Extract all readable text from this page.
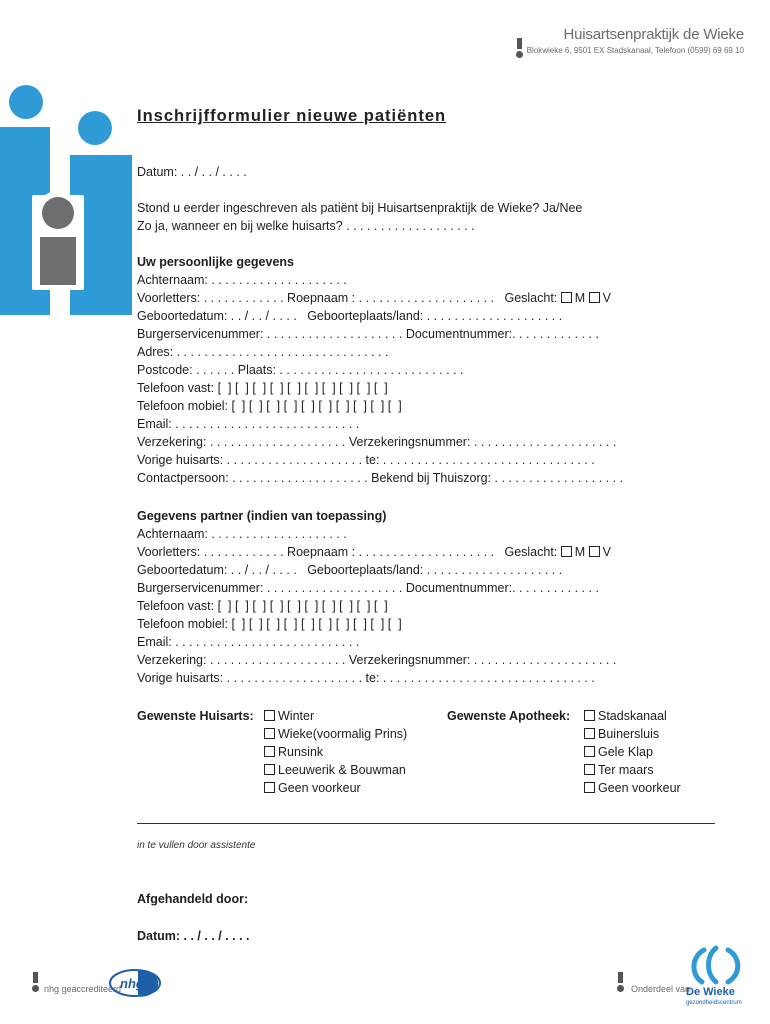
Huisartsenpraktijk de Wieke
Blokwieke 6, 9501 EX Stadskanaal, Telefoon (0599) 69 69 10
Inschrijfformulier nieuwe patiënten
Datum: . . / . . / . . . .
Stond u eerder ingeschreven als patiënt bij Huisartsenpraktijk de Wieke? Ja/Nee
Zo ja, wanneer en bij welke huisarts? . . . . . . . . . . . . . . . . . . .
Uw persoonlijke gegevens
Achternaam: . . . . . . . . . . . . . . . . . . . .
Voorletters: . . . . . . . . . . . . Roepnaam : . . . . . . . . . . . . . . . . . . . .   Geslacht: M V
Geboortedatum: . . / . . / . . . .   Geboorteplaats/land: . . . . . . . . . . . . . . . . . . . .
Burgerservicenummer: . . . . . . . . . . . . . . . . . . . . Documentnummer:. . . . . . . . . . . . .
Adres: . . . . . . . . . . . . . . . . . . . . . . . . . . . . . . .
Postcode: . . . . . . Plaats: . . . . . . . . . . . . . . . . . . . . . . . . . . .
Telefoon vast: [  ] [  ] [  ] [  ] [  ] [  ] [  ] [  ] [  ] [  ]
Telefoon mobiel: [  ] [  ] [  ] [  ] [  ] [  ] [  ] [  ] [  ] [  ]
Email: . . . . . . . . . . . . . . . . . . . . . . . . . . .
Verzekering: . . . . . . . . . . . . . . . . . . . . Verzekeringsnummer: . . . . . . . . . . . . . . . . . . . . .
Vorige huisarts: . . . . . . . . . . . . . . . . . . . . te: . . . . . . . . . . . . . . . . . . . . . . . . . . . . . . .
Contactpersoon: . . . . . . . . . . . . . . . . . . . . Bekend bij Thuiszorg: . . . . . . . . . . . . . . . . . . .
Gegevens partner (indien van toepassing)
Achternaam: . . . . . . . . . . . . . . . . . . . .
Voorletters: . . . . . . . . . . . . Roepnaam : . . . . . . . . . . . . . . . . . . . .   Geslacht: M V
Geboortedatum: . . / . . / . . . .   Geboorteplaats/land: . . . . . . . . . . . . . . . . . . . .
Burgerservicenummer: . . . . . . . . . . . . . . . . . . . . Documentnummer:. . . . . . . . . . . . .
Telefoon vast: [  ] [  ] [  ] [  ] [  ] [  ] [  ] [  ] [  ] [  ]
Telefoon mobiel: [  ] [  ] [  ] [  ] [  ] [  ] [  ] [  ] [  ] [  ]
Email: . . . . . . . . . . . . . . . . . . . . . . . . . . .
Verzekering: . . . . . . . . . . . . . . . . . . . . Verzekeringsnummer: . . . . . . . . . . . . . . . . . . . . .
Vorige huisarts: . . . . . . . . . . . . . . . . . . . . te: . . . . . . . . . . . . . . . . . . . . . . . . . . . . . . .
Gewenste Huisarts:	Winter
Wieke(voormalig Prins)
Runsink
Leeuwerik & Bouwman
Geen voorkeur
Gewenste Apotheek:	Stadskanaal
Buinersluis
Gele Klap
Ter maars
Geen voorkeur
in te vullen door assistente
Afgehandeld door:
Datum: . . / . . / . . . .
nhg geaccrediteerd
nhg	Onderdeel van
De Wieke
gezondheidscentrum
